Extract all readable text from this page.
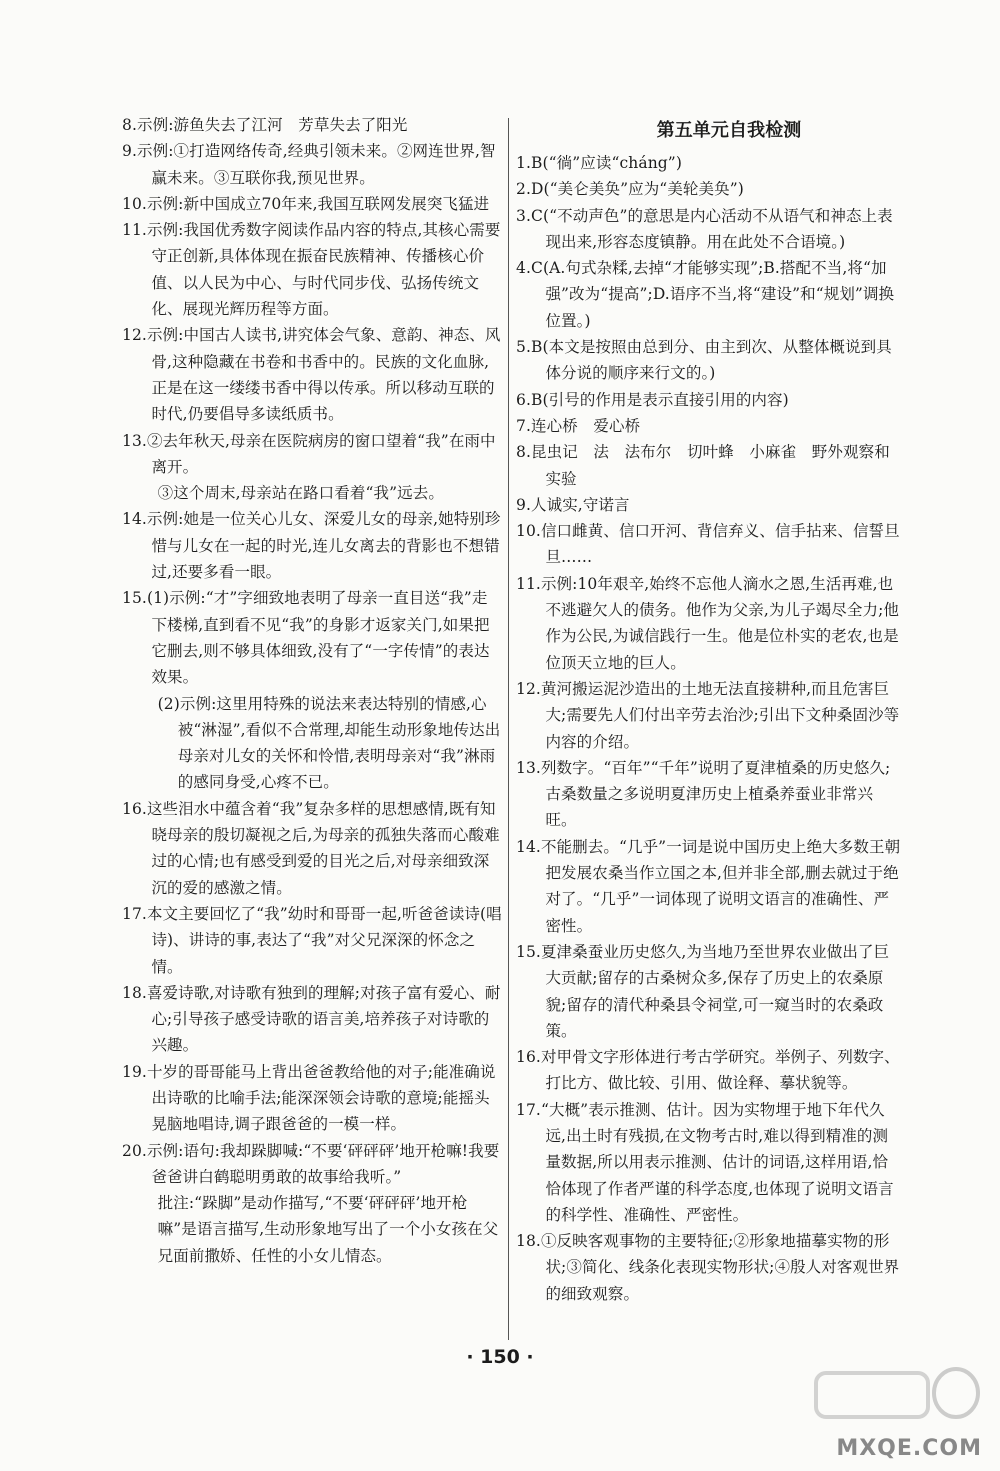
8.示例:游鱼失去了江河　芳草失去了阳光

9.示例:①打造网络传奇,经典引领未来。②网连世界,智赢未来。③互联你我,预见世界。

10.示例:新中国成立70年来,我国互联网发展突飞猛进

11.示例:我国优秀数字阅读作品内容的特点,其核心需要守正创新,具体体现在振奋民族精神、传播核心价值、以人民为中心、与时代同步伐、弘扬传统文化、展现光辉历程等方面。

12.示例:中国古人读书,讲究体会气象、意韵、神态、风骨,这种隐藏在书卷和书香中的。民族的文化血脉,正是在这一缕缕书香中得以传承。所以移动互联的时代,仍要倡导多读纸质书。

13.②去年秋天,母亲在医院病房的窗口望着“我”在雨中离开。

③这个周末,母亲站在路口看着“我”远去。

14.示例:她是一位关心儿女、深爱儿女的母亲,她特别珍惜与儿女在一起的时光,连儿女离去的背影也不想错过,还要多看一眼。

15.(1)示例:“才”字细致地表明了母亲一直目送“我”走下楼梯,直到看不见“我”的身影才返家关门,如果把它删去,则不够具体细致,没有了“一字传情”的表达效果。

(2)示例:这里用特殊的说法来表达特别的情感,心被“淋湿”,看似不合常理,却能生动形象地传达出母亲对儿女的关怀和怜惜,表明母亲对“我”淋雨的感同身受,心疼不已。

16.这些泪水中蕴含着“我”复杂多样的思想感情,既有知晓母亲的殷切凝视之后,为母亲的孤独失落而心酸难过的心情;也有感受到爱的目光之后,对母亲细致深沉的爱的感激之情。

17.本文主要回忆了“我”幼时和哥哥一起,听爸爸读诗(唱诗)、讲诗的事,表达了“我”对父兄深深的怀念之情。

18.喜爱诗歌,对诗歌有独到的理解;对孩子富有爱心、耐心;引导孩子感受诗歌的语言美,培养孩子对诗歌的兴趣。

19.十岁的哥哥能马上背出爸爸教给他的对子;能准确说出诗歌的比喻手法;能深深领会诗歌的意境;能摇头晃脑地唱诗,调子跟爸爸的一模一样。

20.示例:语句:我却跺脚喊:“不要‘砰砰砰’地开枪嘛!我要爸爸讲白鹤聪明勇敢的故事给我听。”

批注:“跺脚”是动作描写,“不要‘砰砰砰’地开枪嘛”是语言描写,生动形象地写出了一个小女孩在父兄面前撒娇、任性的小女儿情态。

第五单元自我检测

1.B(“徜”应读“cháng”)

2.D(“美仑美奂”应为“美轮美奂”)

3.C(“不动声色”的意思是内心活动不从语气和神态上表现出来,形容态度镇静。用在此处不合语境。)

4.C(A.句式杂糅,去掉“才能够实现”;B.搭配不当,将“加强”改为“提高”;D.语序不当,将“建设”和“规划”调换位置。)

5.B(本文是按照由总到分、由主到次、从整体概说到具体分说的顺序来行文的。)

6.B(引号的作用是表示直接引用的内容)

7.连心桥　爱心桥

8.昆虫记　法　法布尔　切叶蜂　小麻雀　野外观察和实验

9.人诚实,守诺言

10.信口雌黄、信口开河、背信弃义、信手拈来、信誓旦旦……

11.示例:10年艰辛,始终不忘他人滴水之恩,生活再难,也不逃避欠人的债务。他作为父亲,为儿子竭尽全力;他作为公民,为诚信践行一生。他是位朴实的老农,也是位顶天立地的巨人。

12.黄河搬运泥沙造出的土地无法直接耕种,而且危害巨大;需要先人们付出辛劳去治沙;引出下文种桑固沙等内容的介绍。

13.列数字。“百年”“千年”说明了夏津植桑的历史悠久;古桑数量之多说明夏津历史上植桑养蚕业非常兴旺。

14.不能删去。“几乎”一词是说中国历史上绝大多数王朝把发展农桑当作立国之本,但并非全部,删去就过于绝对了。“几乎”一词体现了说明文语言的准确性、严密性。

15.夏津桑蚕业历史悠久,为当地乃至世界农业做出了巨大贡献;留存的古桑树众多,保存了历史上的农桑原貌;留存的清代种桑县令祠堂,可一窥当时的农桑政策。

16.对甲骨文字形体进行考古学研究。举例子、列数字、打比方、做比较、引用、做诠释、摹状貌等。

17.“大概”表示推测、估计。因为实物埋于地下年代久远,出土时有残损,在文物考古时,难以得到精准的测量数据,所以用表示推测、估计的词语,这样用语,恰恰体现了作者严谨的科学态度,也体现了说明文语言的科学性、准确性、严密性。

18.①反映客观事物的主要特征;②形象地描摹实物的形状;③简化、线条化表现实物形状;④殷人对客观世界的细致观察。

· 150 ·
MXQE.COM
